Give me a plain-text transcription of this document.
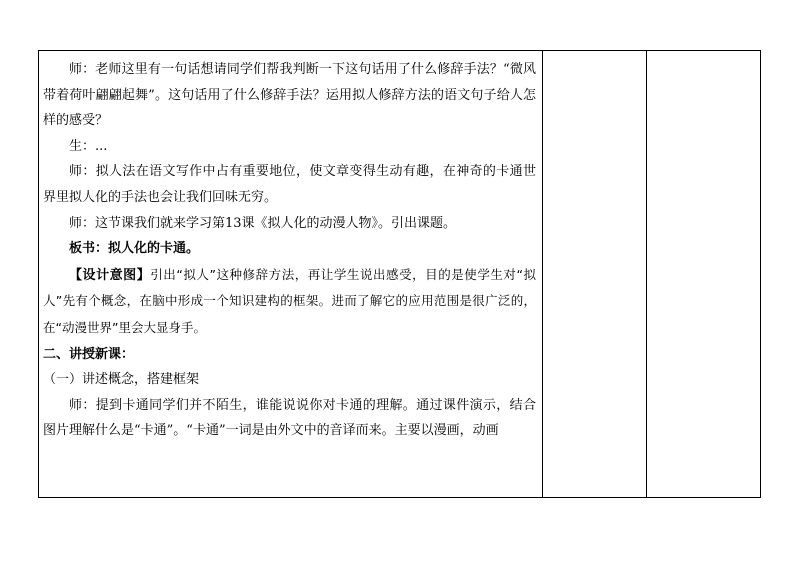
师：老师这里有一句话想请同学们帮我判断一下这句话用了什么修辞手法？“微风带着荷叶翩翩起舞”。这句话用了什么修辞手法？运用拟人修辞方法的语文句子给人怎样的感受？

生：...

师：拟人法在语文写作中占有重要地位，使文章变得生动有趣，在神奇的卡通世界里拟人化的手法也会让我们回味无穷。

师：这节课我们就来学习第13课《拟人化的动漫人物》。引出课题。

板书：拟人化的卡通。

【设计意图】引出“拟人”这种修辞方法，再让学生说出感受，目的是使学生对“拟人”先有个概念，在脑中形成一个知识建构的框架。进而了解它的应用范围是很广泛的，在“动漫世界”里会大显身手。

二、讲授新课：

（一）讲述概念，搭建框架

师：提到卡通同学们并不陌生，谁能说说你对卡通的理解。通过课件演示，结合图片理解什么是“卡通”。“卡通”一词是由外文中的音译而来。主要以漫画，动画
